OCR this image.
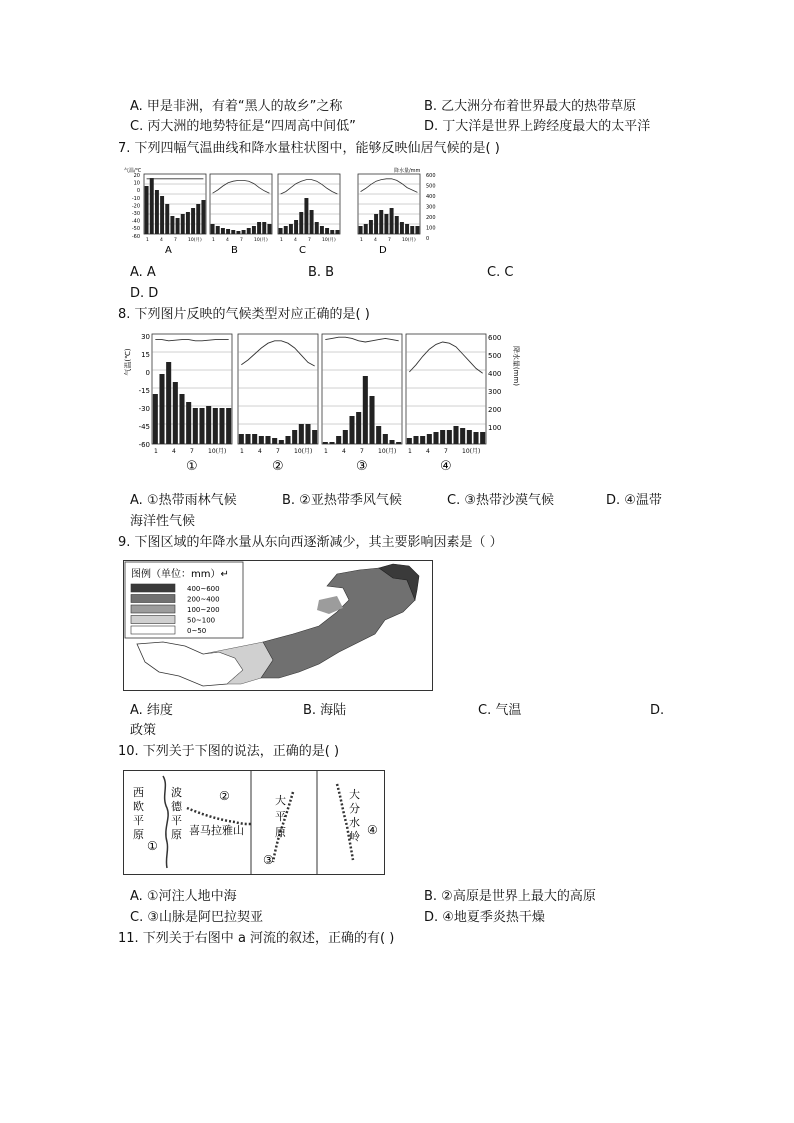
A. 甲是非洲，有着“黑人的故乡”之称	B. 乙大洲分布着世界最大的热带草原
C. 丙大洲的地势特征是“四周高中间低”	D. 丁大洋是世界上跨经度最大的太平洋
7. 下列四幅气温曲线和降水量柱状图中，能够反映仙居气候的是( )
20
10
0
-10
-20
-30
-40
-50
-60
600
500
400
300
200
100
0
气温/℃	降水量/mm
1 4 7 10(月)
A
1 4 7 10(月)
B
1 4 7 10(月)
C
1 4 7 10(月)
D
A. A	B. B	C. C
D. D
8. 下列图片反映的气候类型对应正确的是( )
气温(℃)	降水量(mm)
30
15
0
-15
-30
-45
-60
600
500
400
300
200
100
1 4 7 10(月)
①
1 4 7 10(月)
②
1 4 7 10(月)
③
1 4 7 10(月)
④
A. ①热带雨林气候	B. ②亚热带季风气候	C. ③热带沙漠气候	D. ④温带
海洋性气候
9. 下图区域的年降水量从东向西逐渐减少，其主要影响因素是（ ）
图例（单位：mm）↵
400~600
200~400
100~200
50~100
0~50
A. 纬度	B. 海陆	C. 气温	D.
政策
10. 下列关于下图的说法，正确的是( )
西欧平原
波德平原
①
②
喜马拉雅山
大平原
③
大分水岭 ④
A. ①河注人地中海	B. ②高原是世界上最大的高原
C. ③山脉是阿巴拉契亚	D. ④地夏季炎热干燥
11. 下列关于右图中 a 河流的叙述，正确的有( )
